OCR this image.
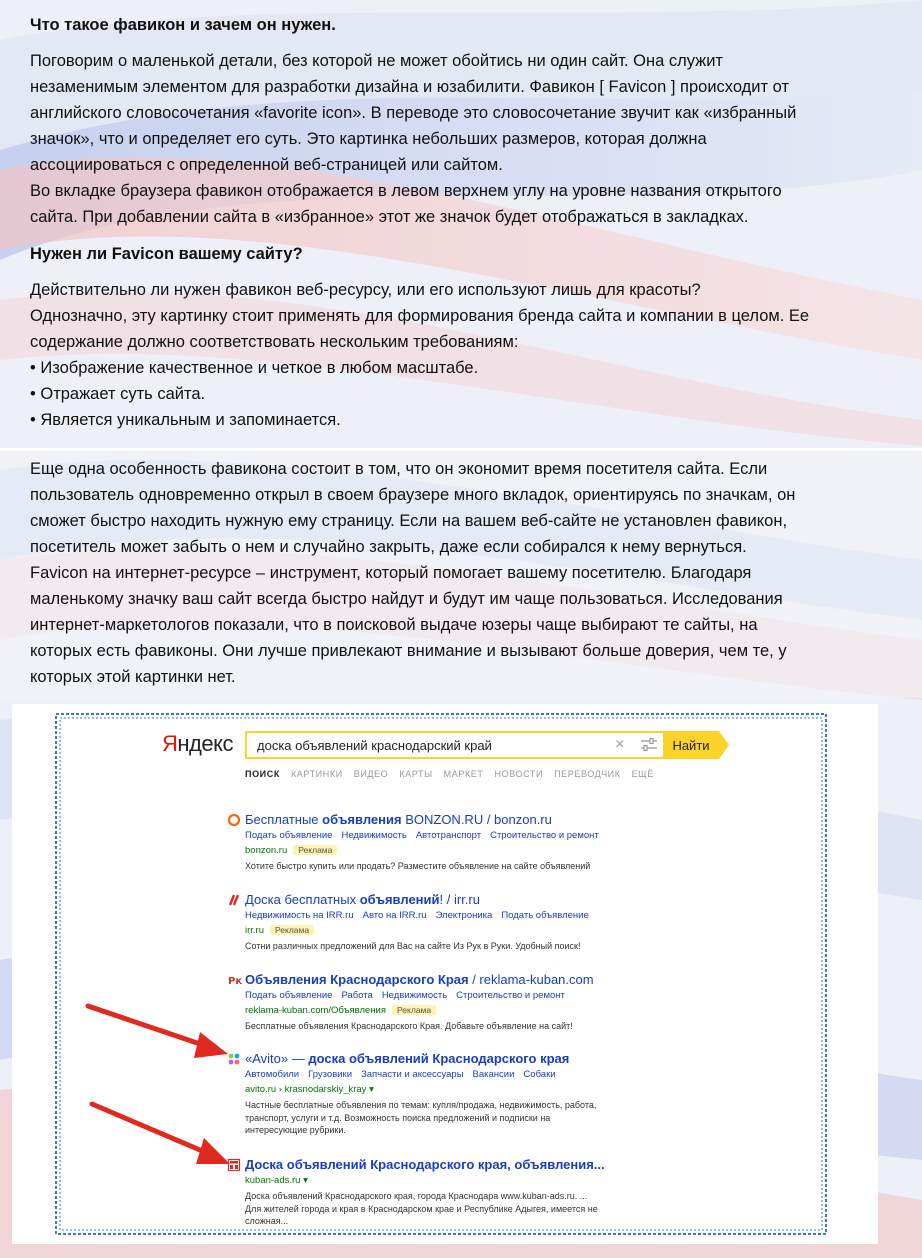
Что такое фавикон и зачем он нужен.
Поговорим о маленькой детали, без которой не может обойтись ни один сайт. Она служит
незаменимым элементом для разработки дизайна и юзабилити. Фавикон [ Favicon ] происходит от
английского словосочетания «favorite icon». В переводе это словосочетание звучит как «избранный
значок», что и определяет его суть. Это картинка небольших размеров, которая должна
ассоциироваться с определенной веб-страницей или сайтом.
Во вкладке браузера фавикон отображается в левом верхнем углу на уровне названия открытого
сайта. При добавлении сайта в «избранное» этот же значок будет отображаться в закладках.
Нужен ли Favicon вашему сайту?
Действительно ли нужен фавикон веб-ресурсу, или его используют лишь для красоты?
Однозначно, эту картинку стоит применять для формирования бренда сайта и компании в целом. Ее
содержание должно соответствовать нескольким требованиям:
• Изображение качественное и четкое в любом масштабе.
• Отражает суть сайта.
• Является уникальным и запоминается.
Еще одна особенность фавикона состоит в том, что он экономит время посетителя сайта. Если
пользователь одновременно открыл в своем браузере много вкладок, ориентируясь по значкам, он
сможет быстро находить нужную ему страницу. Если на вашем веб-сайте не установлен фавикон,
посетитель может забыть о нем и случайно закрыть, даже если собирался к нему вернуться.
Favicon на интернет-ресурсе – инструмент, который помогает вашему посетителю. Благодаря
маленькому значку ваш сайт всегда быстро найдут и будут им чаще пользоваться. Исследования
интернет-маркетологов показали, что в поисковой выдаче юзеры чаще выбирают те сайты, на
которых есть фавиконы. Они лучше привлекают внимание и вызывают больше доверия, чем те, у
которых этой картинки нет.
Яндекс доска объявлений краснодарский край	×	Найти
ПОИСК КАРТИНКИ ВИДЕО КАРТЫ МАРКЕТ НОВОСТИ ПЕРЕВОДЧИК ЕЩЁ
Бесплатные объявления BONZON.RU / bonzon.ru
Подать объявление Недвижимость Автотранспорт Строительство и ремонт
bonzon.ru Реклама
Хотите быстро купить или продать? Разместите объявление на сайте объявлений
Доска бесплатных объявлений! / irr.ru
Недвижимость на IRR.ru Авто на IRR.ru Электроника Подать объявление
irr.ru Реклама
Сотни различных предложений для Вас на сайте Из Рук в Руки. Удобный поиск!
Рк Объявления Краснодарского Края / reklama-kuban.com
Подать объявление Работа Недвижимость Строительство и ремонт
reklama-kuban.com/Объявления Реклама
Бесплатные объявления Краснодарского Края. Добавьте объявление на сайт!
«Avito» — доска объявлений Краснодарского края
Автомобили Грузовики Запчасти и аксессуары Вакансии Собаки
avito.ru › krasnodarskiy_kray ▾
Частные бесплатные объявления по темам: купля/продажа, недвижимость, работа,
транспорт, услуги и т.д. Возможность поиска предложений и подписки на
интересующие рубрики.
Доска объявлений Краснодарского края, объявления...
kuban-ads.ru ▾
Доска объявлений Краснодарского края, города Краснодара www.kuban-ads.ru. ...
Для жителей города и края в Краснодарском крае и Республике Адыгея, имеется не
сложная...
